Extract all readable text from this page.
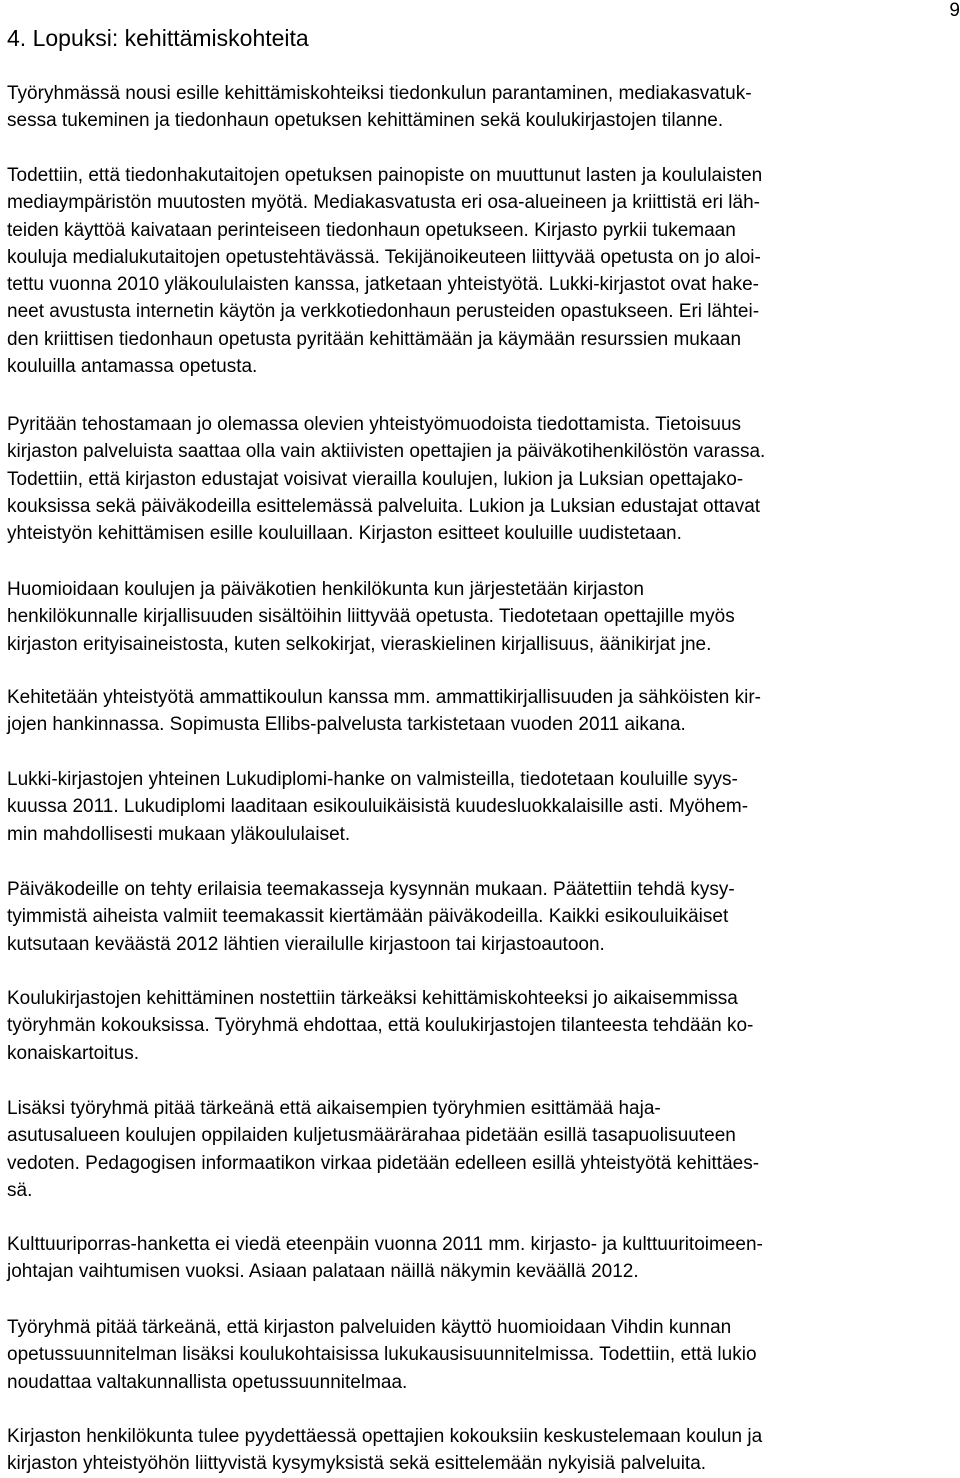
9
4. Lopuksi: kehittämiskohteita

Työryhmässä nousi esille kehittämiskohteiksi tiedonkulun parantaminen, mediakasvatuk-
sessa tukeminen ja tiedonhaun opetuksen kehittäminen sekä koulukirjastojen tilanne.

Todettiin, että tiedonhakutaitojen opetuksen painopiste on muuttunut lasten ja koululaisten
mediaympäristön muutosten myötä. Mediakasvatusta eri osa-alueineen ja kriittistä eri läh-
teiden käyttöä kaivataan perinteiseen tiedonhaun opetukseen. Kirjasto pyrkii tukemaan
kouluja medialukutaitojen opetustehtävässä. Tekijänoikeuteen liittyvää opetusta on jo aloi-
tettu vuonna 2010 yläkoululaisten kanssa, jatketaan yhteistyötä. Lukki-kirjastot ovat hake-
neet avustusta internetin käytön ja verkkotiedonhaun perusteiden opastukseen. Eri lähtei-
den kriittisen tiedonhaun opetusta pyritään kehittämään ja käymään resurssien mukaan
kouluilla antamassa opetusta.

Pyritään tehostamaan jo olemassa olevien yhteistyömuodoista tiedottamista. Tietoisuus
kirjaston palveluista saattaa olla vain aktiivisten opettajien ja päiväkotihenkilöstön varassa.
Todettiin, että kirjaston edustajat voisivat vierailla koulujen, lukion ja Luksian opettajako-
kouksissa sekä päiväkodeilla esittelemässä palveluita. Lukion ja Luksian edustajat ottavat
yhteistyön kehittämisen esille kouluillaan. Kirjaston esitteet kouluille uudistetaan.

Huomioidaan koulujen ja päiväkotien henkilökunta kun järjestetään kirjaston
henkilökunnalle kirjallisuuden sisältöihin liittyvää opetusta. Tiedotetaan opettajille myös
kirjaston erityisaineistosta, kuten selkokirjat, vieraskielinen kirjallisuus, äänikirjat jne.

Kehitetään yhteistyötä ammattikoulun kanssa mm. ammattikirjallisuuden ja sähköisten kir-
jojen hankinnassa. Sopimusta Ellibs-palvelusta tarkistetaan vuoden 2011 aikana.

Lukki-kirjastojen yhteinen Lukudiplomi-hanke on valmisteilla, tiedotetaan kouluille syys-
kuussa 2011. Lukudiplomi laaditaan esikouluikäisistä kuudesluokkalaisille asti. Myöhem-
min mahdollisesti mukaan yläkoululaiset.

Päiväkodeille on tehty erilaisia teemakasseja kysynnän mukaan. Päätettiin tehdä kysy-
tyimmistä aiheista valmiit teemakassit kiertämään päiväkodeilla. Kaikki esikouluikäiset
kutsutaan keväästä 2012 lähtien vierailulle kirjastoon tai kirjastoautoon.

Koulukirjastojen kehittäminen nostettiin tärkeäksi kehittämiskohteeksi jo aikaisemmissa
työryhmän kokouksissa. Työryhmä ehdottaa, että koulukirjastojen tilanteesta tehdään ko-
konaiskartoitus.

Lisäksi työryhmä pitää tärkeänä että aikaisempien työryhmien esittämää haja-
asutusalueen koulujen oppilaiden kuljetusmäärärahaa pidetään esillä tasapuolisuuteen
vedoten. Pedagogisen informaatikon virkaa pidetään edelleen esillä yhteistyötä kehittäes-
sä.

Kulttuuriporras-hanketta ei viedä eteenpäin vuonna 2011 mm. kirjasto- ja kulttuuritoimeen-
johtajan vaihtumisen vuoksi. Asiaan palataan näillä näkymin keväällä 2012.

Työryhmä pitää tärkeänä, että kirjaston palveluiden käyttö huomioidaan Vihdin kunnan
opetussuunnitelman lisäksi koulukohtaisissa lukukausisuunnitelmissa. Todettiin, että lukio
noudattaa valtakunnallista opetussuunnitelmaa.

Kirjaston henkilökunta tulee pyydettäessä opettajien kokouksiin keskustelemaan koulun ja
kirjaston yhteistyöhön liittyvistä kysymyksistä sekä esittelemään nykyisiä palveluita.
